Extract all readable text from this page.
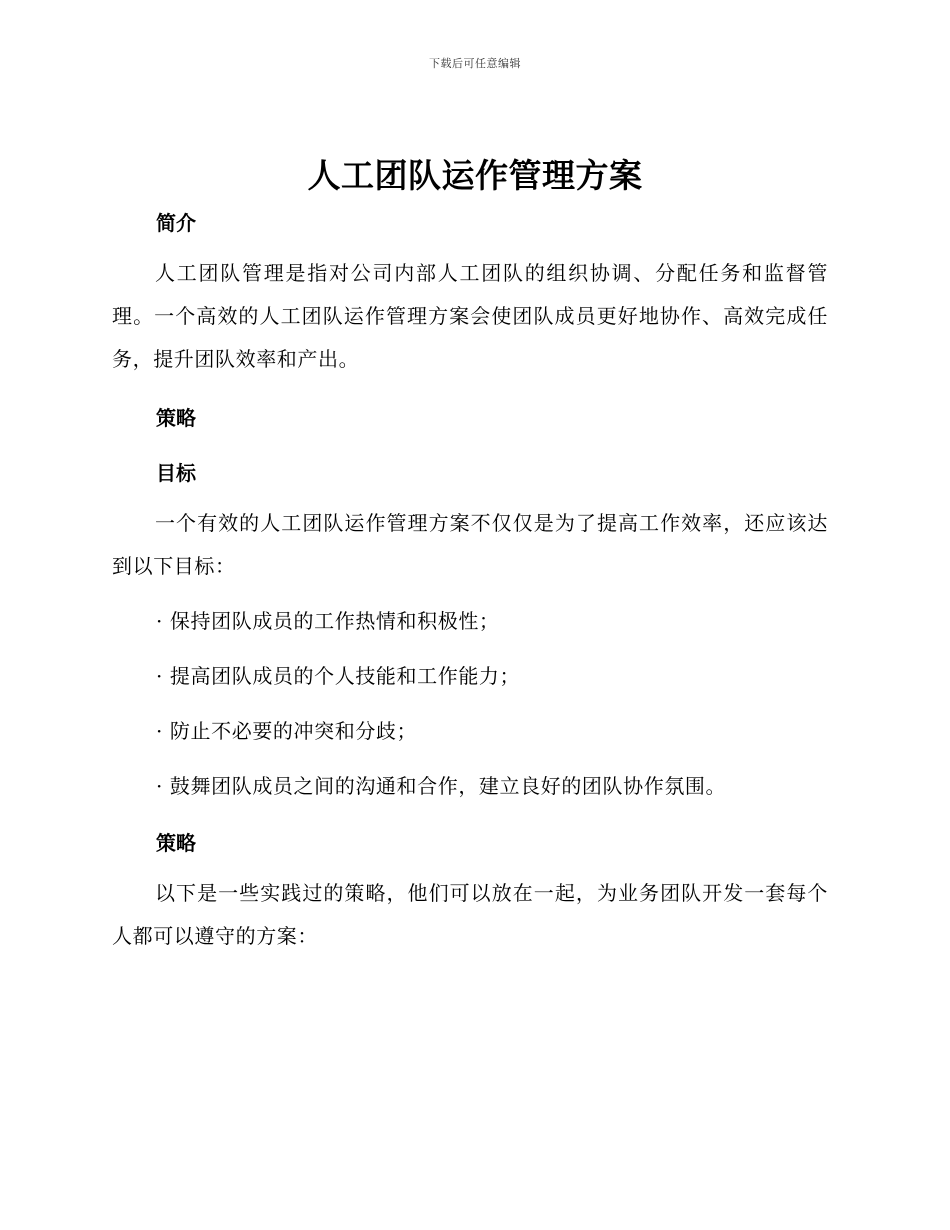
下载后可任意编辑
人工团队运作管理方案
简介
人工团队管理是指对公司内部人工团队的组织协调、分配任务和监督管理。一个高效的人工团队运作管理方案会使团队成员更好地协作、高效完成任务，提升团队效率和产出。
策略
目标
一个有效的人工团队运作管理方案不仅仅是为了提高工作效率，还应该达到以下目标：
· 保持团队成员的工作热情和积极性；
· 提高团队成员的个人技能和工作能力；
· 防止不必要的冲突和分歧；
· 鼓舞团队成员之间的沟通和合作，建立良好的团队协作氛围。
策略
以下是一些实践过的策略，他们可以放在一起，为业务团队开发一套每个人都可以遵守的方案：
